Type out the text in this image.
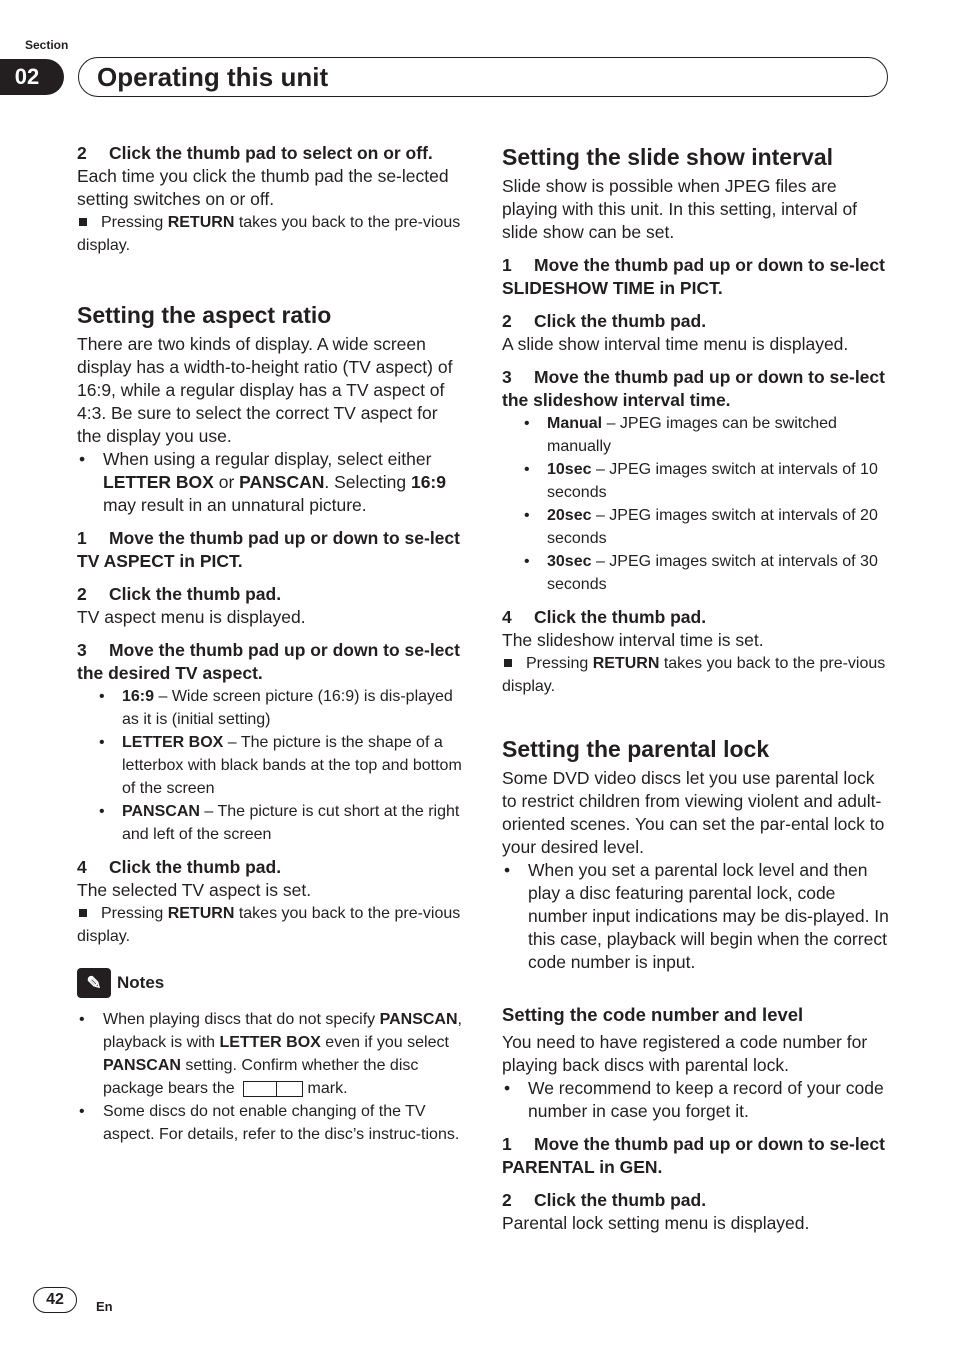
Section
02	Operating this unit

2 Click the thumb pad to select on or off.

Each time you click the thumb pad the se-lected setting switches on or off.

Pressing RETURN takes you back to the pre-vious display.

Setting the aspect ratio

There are two kinds of display. A wide screen display has a width-to-height ratio (TV aspect) of 16:9, while a regular display has a TV aspect of 4:3. Be sure to select the correct TV aspect for the display you use.

• When using a regular display, select either LETTER BOX or PANSCAN. Selecting 16:9 may result in an unnatural picture.

1 Move the thumb pad up or down to se-lect TV ASPECT in PICT.

2 Click the thumb pad.

TV aspect menu is displayed.

3 Move the thumb pad up or down to se-lect the desired TV aspect.

• 16:9 – Wide screen picture (16:9) is dis-played as it is (initial setting)
• LETTER BOX – The picture is the shape of a letterbox with black bands at the top and bottom of the screen
• PANSCAN – The picture is cut short at the right and left of the screen

4 Click the thumb pad.

The selected TV aspect is set.

Pressing RETURN takes you back to the pre-vious display.

✎ Notes
• When playing discs that do not specify PANSCAN, playback is with LETTER BOX even if you select PANSCAN setting. Confirm whether the disc package bears the	mark.
• Some discs do not enable changing of the TV aspect. For details, refer to the disc’s instruc-tions.

Setting the slide show interval

Slide show is possible when JPEG files are playing with this unit. In this setting, interval of slide show can be set.

1 Move the thumb pad up or down to se-lect SLIDESHOW TIME in PICT.

2 Click the thumb pad.

A slide show interval time menu is displayed.

3 Move the thumb pad up or down to se-lect the slideshow interval time.

• Manual – JPEG images can be switched manually
• 10sec – JPEG images switch at intervals of 10 seconds
• 20sec – JPEG images switch at intervals of 20 seconds
• 30sec – JPEG images switch at intervals of 30 seconds

4 Click the thumb pad.

The slideshow interval time is set.

Pressing RETURN takes you back to the pre-vious display.

Setting the parental lock

Some DVD video discs let you use parental lock to restrict children from viewing violent and adult-oriented scenes. You can set the par-ental lock to your desired level.

• When you set a parental lock level and then play a disc featuring parental lock, code number input indications may be dis-played. In this case, playback will begin when the correct code number is input.

Setting the code number and level

You need to have registered a code number for playing back discs with parental lock.

• We recommend to keep a record of your code number in case you forget it.

1 Move the thumb pad up or down to se-lect PARENTAL in GEN.

2 Click the thumb pad.

Parental lock setting menu is displayed.

42	En
